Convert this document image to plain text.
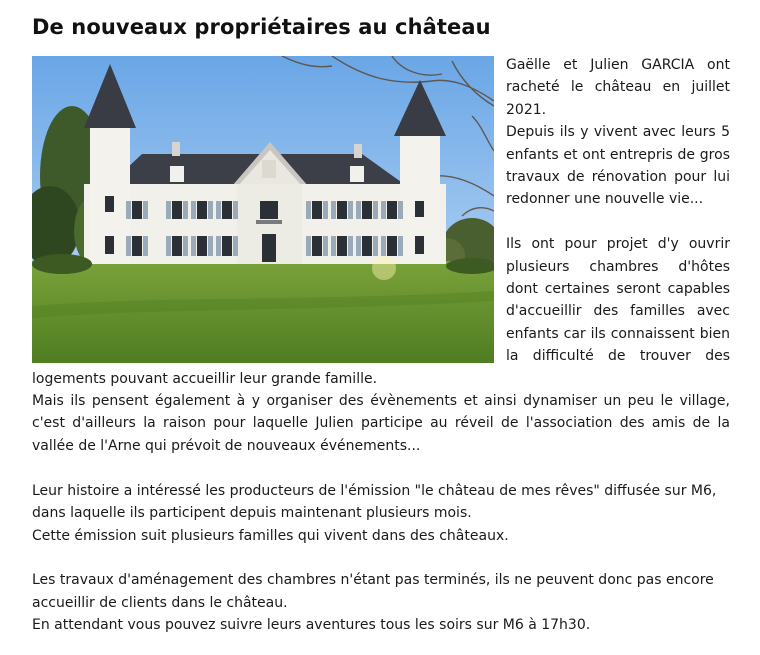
De nouveaux propriétaires au château

Gaëlle et Julien GARCIA ont racheté le château en juillet 2021.

Depuis ils y vivent avec leurs 5 enfants et ont entrepris de gros travaux de rénovation pour lui redonner une nouvelle vie...

Ils ont pour projet d'y ouvrir plusieurs chambres d'hôtes dont certaines seront capables d'accueillir des familles avec enfants car ils connaissent bien la difficulté de trouver des logements pouvant accueillir leur grande famille.

Mais ils pensent également à y organiser des évènements et ainsi dynamiser un peu le village, c'est d'ailleurs la raison pour laquelle Julien participe au réveil de l'association des amis de la vallée de l'Arne qui prévoit de nouveaux événements...

Leur histoire a intéressé les producteurs de l'émission "le château de mes rêves" diffusée sur M6, dans laquelle ils participent depuis maintenant plusieurs mois.

Cette émission suit plusieurs familles qui vivent dans des châteaux.

Les travaux d'aménagement des chambres n'étant pas terminés, ils ne peuvent donc pas encore accueillir de clients dans le château.

En attendant vous pouvez suivre leurs aventures tous les soirs sur M6 à 17h30.
